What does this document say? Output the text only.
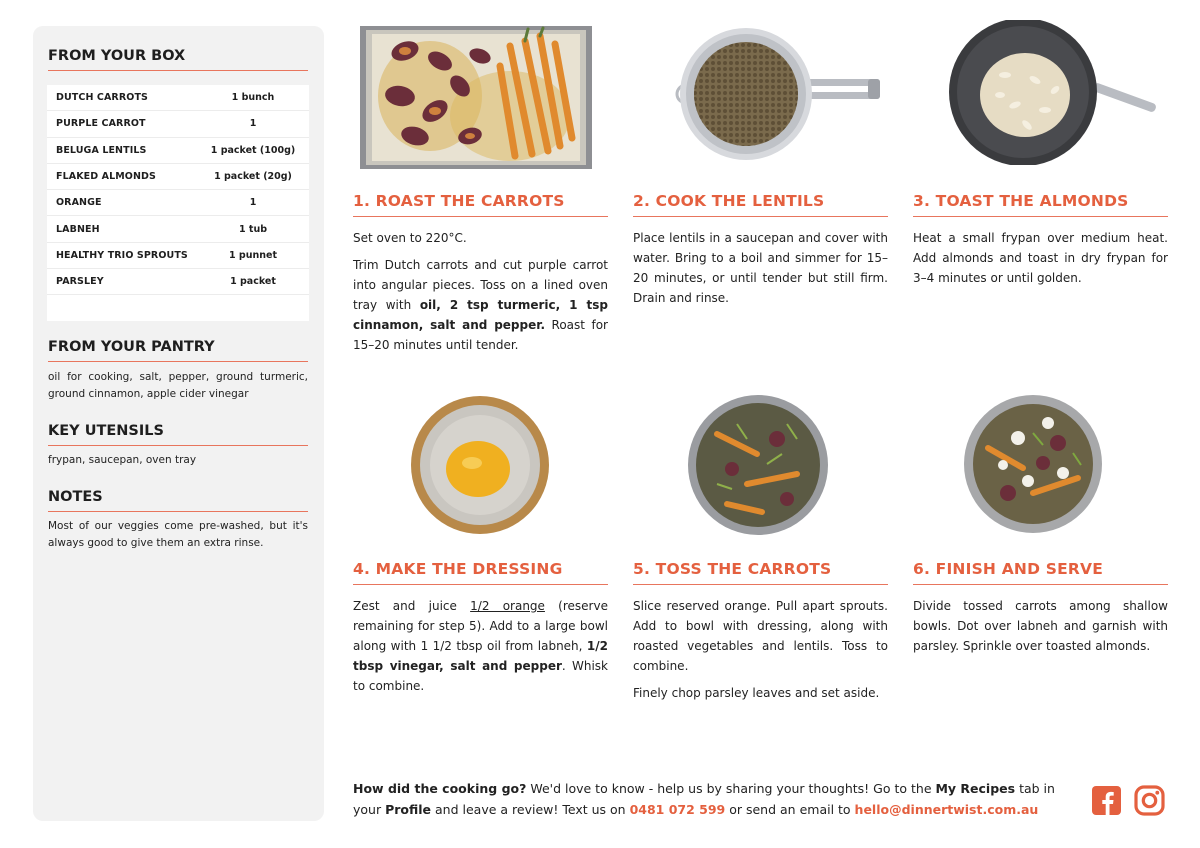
FROM YOUR BOX
DUTCH CARROTS	1 bunch
PURPLE CARROT	1
BELUGA LENTILS	1 packet (100g)
FLAKED ALMONDS	1 packet (20g)
ORANGE	1
LABNEH	1 tub
HEALTHY TRIO SPROUTS	1 punnet
PARSLEY	1 packet
FROM YOUR PANTRY
oil for cooking, salt, pepper, ground turmeric, ground cinnamon, apple cider vinegar
KEY UTENSILS
frypan, saucepan, oven tray
NOTES
Most of our veggies come pre-washed, but it's always good to give them an extra rinse.
1. ROAST THE CARROTS

Set oven to 220°C.

Trim Dutch carrots and cut purple carrot into angular pieces. Toss on a lined oven tray with oil, 2 tsp turmeric, 1 tsp cinnamon, salt and pepper. Roast for 15–20 minutes until tender.

2. COOK THE LENTILS

Place lentils in a saucepan and cover with water. Bring to a boil and simmer for 15–20 minutes, or until tender but still firm. Drain and rinse.

3. TOAST THE ALMONDS

Heat a small frypan over medium heat. Add almonds and toast in dry frypan for 3–4 minutes or until golden.

4. MAKE THE DRESSING

Zest and juice 1/2 orange (reserve remaining for step 5). Add to a large bowl along with 1 1/2 tbsp oil from labneh, 1/2 tbsp vinegar, salt and pepper. Whisk to combine.

5. TOSS THE CARROTS

Slice reserved orange. Pull apart sprouts. Add to bowl with dressing, along with roasted vegetables and lentils. Toss to combine.

Finely chop parsley leaves and set aside.

6. FINISH AND SERVE

Divide tossed carrots among shallow bowls. Dot over labneh and garnish with parsley. Sprinkle over toasted almonds.

How did the cooking go? We'd love to know - help us by sharing your thoughts! Go to the My Recipes tab in your Profile and leave a review! Text us on 0481 072 599 or send an email to hello@dinnertwist.com.au
